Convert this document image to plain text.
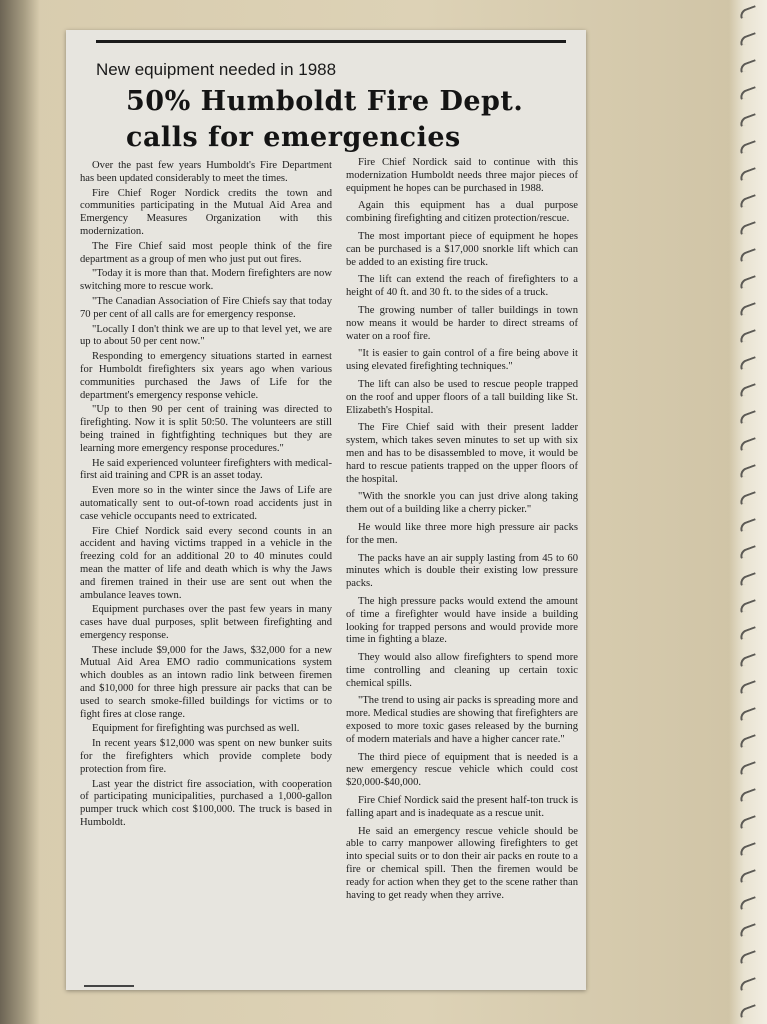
New equipment needed in 1988
50% Humboldt Fire Dept.
calls for emergencies

Over the past few years Humboldt's Fire Department has been updated considerably to meet the times.

Fire Chief Roger Nordick credits the town and communities participating in the Mutual Aid Area and Emergency Measures Organization with this modernization.

The Fire Chief said most people think of the fire department as a group of men who just put out fires.

"Today it is more than that. Modern firefighters are now switching more to rescue work.

"The Canadian Association of Fire Chiefs say that today 70 per cent of all calls are for emergency response.

"Locally I don't think we are up to that level yet, we are up to about 50 per cent now."

Responding to emergency situations started in earnest for Humboldt firefighters six years ago when various communities purchased the Jaws of Life for the department's emergency response vehicle.

"Up to then 90 per cent of training was directed to firefighting. Now it is split 50:50. The volunteers are still being trained in fightfighting techniques but they are learning more emergency response procedures."

He said experienced volunteer firefighters with medical-first aid training and CPR is an asset today.

Even more so in the winter since the Jaws of Life are automatically sent to out-of-town road accidents just in case vehicle occupants need to extricated.

Fire Chief Nordick said every second counts in an accident and having victims trapped in a vehicle in the freezing cold for an additional 20 to 40 minutes could mean the matter of life and death which is why the Jaws and firemen trained in their use are sent out when the ambulance leaves town.

Equipment purchases over the past few years in many cases have dual purposes, split between firefighting and emergency response.

These include $9,000 for the Jaws, $32,000 for a new Mutual Aid Area EMO radio communications system which doubles as an intown radio link between firemen and $10,000 for three high pressure air packs that can be used to search smoke-filled buildings for victims or to fight fires at close range.

Equipment for firefighting was purchsed as well.

In recent years $12,000 was spent on new bunker suits for the firefighters which provide complete body protection from fire.

Last year the district fire association, with cooperation of participating municipalities, purchased a 1,000-gallon pumper truck which cost $100,000. The truck is based in Humboldt.

Fire Chief Nordick said to continue with this modernization Humboldt needs three major pieces of equipment he hopes can be purchased in 1988.

Again this equipment has a dual purpose combining firefighting and citizen protection/rescue.

The most important piece of equipment he hopes can be purchased is a $17,000 snorkle lift which can be added to an existing fire truck.

The lift can extend the reach of firefighters to a height of 40 ft. and 30 ft. to the sides of a truck.

The growing number of taller buildings in town now means it would be harder to direct streams of water on a roof fire.

"It is easier to gain control of a fire being above it using elevated firefighting techniques."

The lift can also be used to rescue people trapped on the roof and upper floors of a tall building like St. Elizabeth's Hospital.

The Fire Chief said with their present ladder system, which takes seven minutes to set up with six men and has to be disassembled to move, it would be hard to rescue patients trapped on the upper floors of the hospital.

"With the snorkle you can just drive along taking them out of a building like a cherry picker."

He would like three more high pressure air packs for the men.

The packs have an air supply lasting from 45 to 60 minutes which is double their existing low pressure packs.

The high pressure packs would extend the amount of time a firefighter would have inside a building looking for trapped persons and would provide more time in fighting a blaze.

They would also allow firefighters to spend more time controlling and cleaning up certain toxic chemical spills.

"The trend to using air packs is spreading more and more. Medical studies are showing that firefighters are exposed to more toxic gases released by the burning of modern materials and have a higher cancer rate."

The third piece of equipment that is needed is a new emergency rescue vehicle which could cost $20,000-$40,000.

Fire Chief Nordick said the present half-ton truck is falling apart and is inadequate as a rescue unit.

He said an emergency rescue vehicle should be able to carry manpower allowing firefighters to get into special suits or to don their air packs en route to a fire or chemical spill. Then the firemen would be ready for action when they get to the scene rather than having to get ready when they arrive.
